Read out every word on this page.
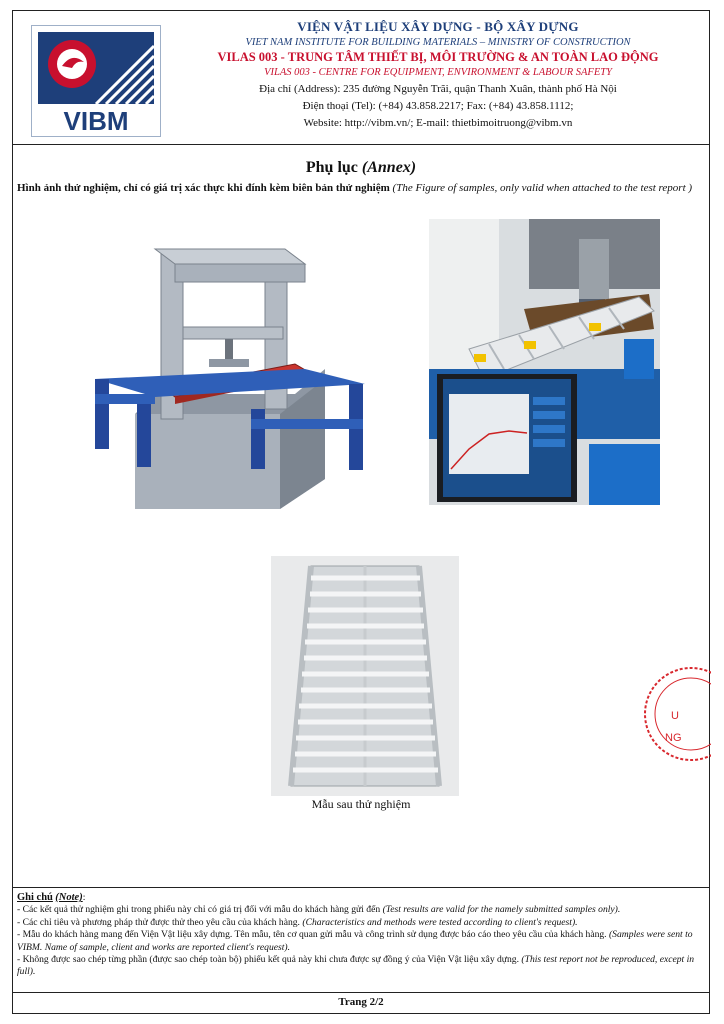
VIBM
VIỆN VẬT LIỆU XÂY DỰNG - BỘ XÂY DỰNG
VIET NAM INSTITUTE FOR BUILDING MATERIALS – MINISTRY OF CONSTRUCTION
VILAS 003 - TRUNG TÂM THIẾT BỊ, MÔI TRƯỜNG & AN TOÀN LAO ĐỘNG
VILAS 003 - CENTRE FOR EQUIPMENT, ENVIRONMENT & LABOUR SAFETY
Địa chỉ (Address): 235 đường Nguyễn Trãi, quận Thanh Xuân, thành phố Hà Nội
Điện thoại (Tel): (+84) 43.858.2217; Fax: (+84) 43.858.1112;
Website: http://vibm.vn/; E-mail: thietbimoitruong@vibm.vn
Phụ lục (Annex)
Hình ảnh thử nghiệm, chỉ có giá trị xác thực khi đính kèm biên bản thử nghiệm (The Figure of samples, only valid when attached to the test report )
Mẫu sau thử nghiệm
U
NG
Ghi chú (Note):
- Các kết quả thử nghiệm ghi trong phiếu này chỉ có giá trị đối với mẫu do khách hàng gửi đến (Test results are valid for the namely submitted samples only).
- Các chỉ tiêu và phương pháp thử được thử theo yêu cầu của khách hàng. (Characteristics and methods were tested according to client's request).
- Mẫu do khách hàng mang đến Viện Vật liệu xây dựng. Tên mẫu, tên cơ quan gửi mẫu và công trình sử dụng được báo cáo theo yêu cầu của khách hàng. (Samples were sent to VIBM. Name of sample, client and works are reported client's request).
- Không được sao chép từng phần (được sao chép toàn bộ) phiếu kết quả này khi chưa được sự đồng ý của Viện Vật liệu xây dựng. (This test report not be reproduced, except in full).
Trang 2/2
